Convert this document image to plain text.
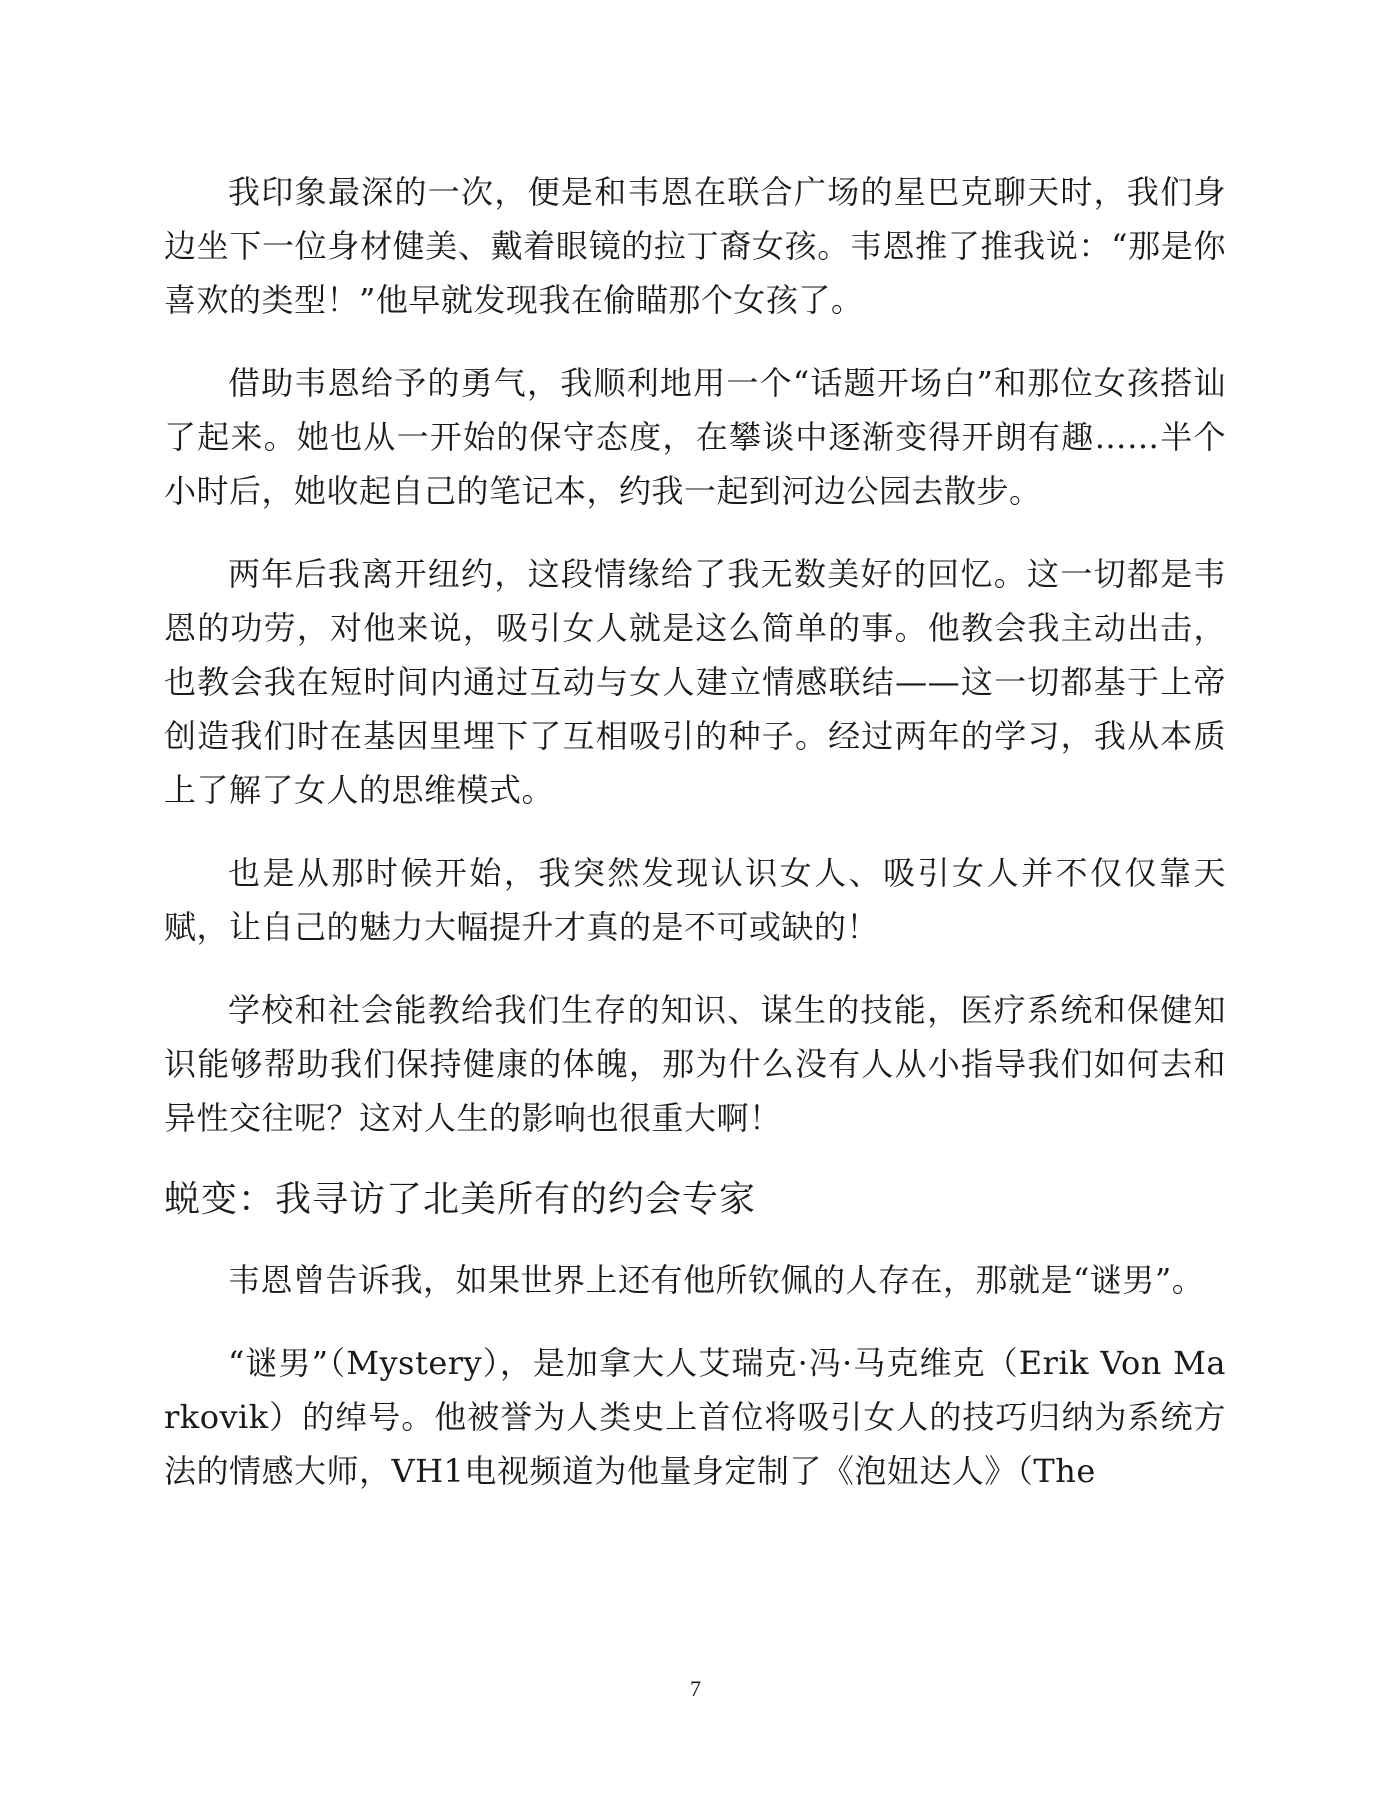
我印象最深的一次，便是和韦恩在联合广场的星巴克聊天时，我们身边坐下一位身材健美、戴着眼镜的拉丁裔女孩。韦恩推了推我说：“那是你喜欢的类型！”他早就发现我在偷瞄那个女孩了。

借助韦恩给予的勇气，我顺利地用一个“话题开场白”和那位女孩搭讪了起来。她也从一开始的保守态度，在攀谈中逐渐变得开朗有趣……半个小时后，她收起自己的笔记本，约我一起到河边公园去散步。

两年后我离开纽约，这段情缘给了我无数美好的回忆。这一切都是韦恩的功劳，对他来说，吸引女人就是这么简单的事。他教会我主动出击，也教会我在短时间内通过互动与女人建立情感联结——这一切都基于上帝创造我们时在基因里埋下了互相吸引的种子。经过两年的学习，我从本质上了解了女人的思维模式。

也是从那时候开始，我突然发现认识女人、吸引女人并不仅仅靠天赋，让自己的魅力大幅提升才真的是不可或缺的！

学校和社会能教给我们生存的知识、谋生的技能，医疗系统和保健知识能够帮助我们保持健康的体魄，那为什么没有人从小指导我们如何去和异性交往呢？这对人生的影响也很重大啊！

蜕变：我寻访了北美所有的约会专家

韦恩曾告诉我，如果世界上还有他所钦佩的人存在，那就是“谜男”。

“谜男”（Mystery），是加拿大人艾瑞克·冯·马克维克（Erik Von Markovik）的绰号。他被誉为人类史上首位将吸引女人的技巧归纳为系统方法的情感大师，VH1电视频道为他量身定制了《泡妞达人》（The

7
